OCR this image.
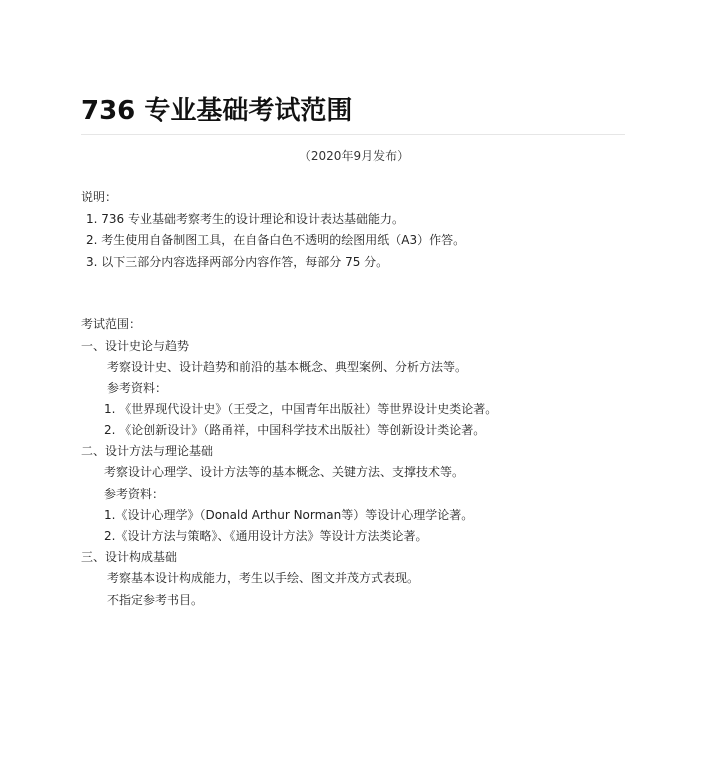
736 专业基础考试范围
（2020年9月发布）
说明：
1. 736 专业基础考察考生的设计理论和设计表达基础能力。
2. 考生使用自备制图工具，在自备白色不透明的绘图用纸（A3）作答。
3. 以下三部分内容选择两部分内容作答，每部分 75 分。
考试范围：
一、设计史论与趋势
考察设计史、设计趋势和前沿的基本概念、典型案例、分析方法等。
参考资料：
1. 《世界现代设计史》（王受之，中国青年出版社）等世界设计史类论著。
2. 《论创新设计》（路甬祥，中国科学技术出版社）等创新设计类论著。
二、设计方法与理论基础
考察设计心理学、设计方法等的基本概念、关键方法、支撑技术等。
参考资料：
1.《设计心理学》（Donald Arthur Norman等）等设计心理学论著。
2.《设计方法与策略》、《通用设计方法》等设计方法类论著。
三、设计构成基础
考察基本设计构成能力，考生以手绘、图文并茂方式表现。
不指定参考书目。
